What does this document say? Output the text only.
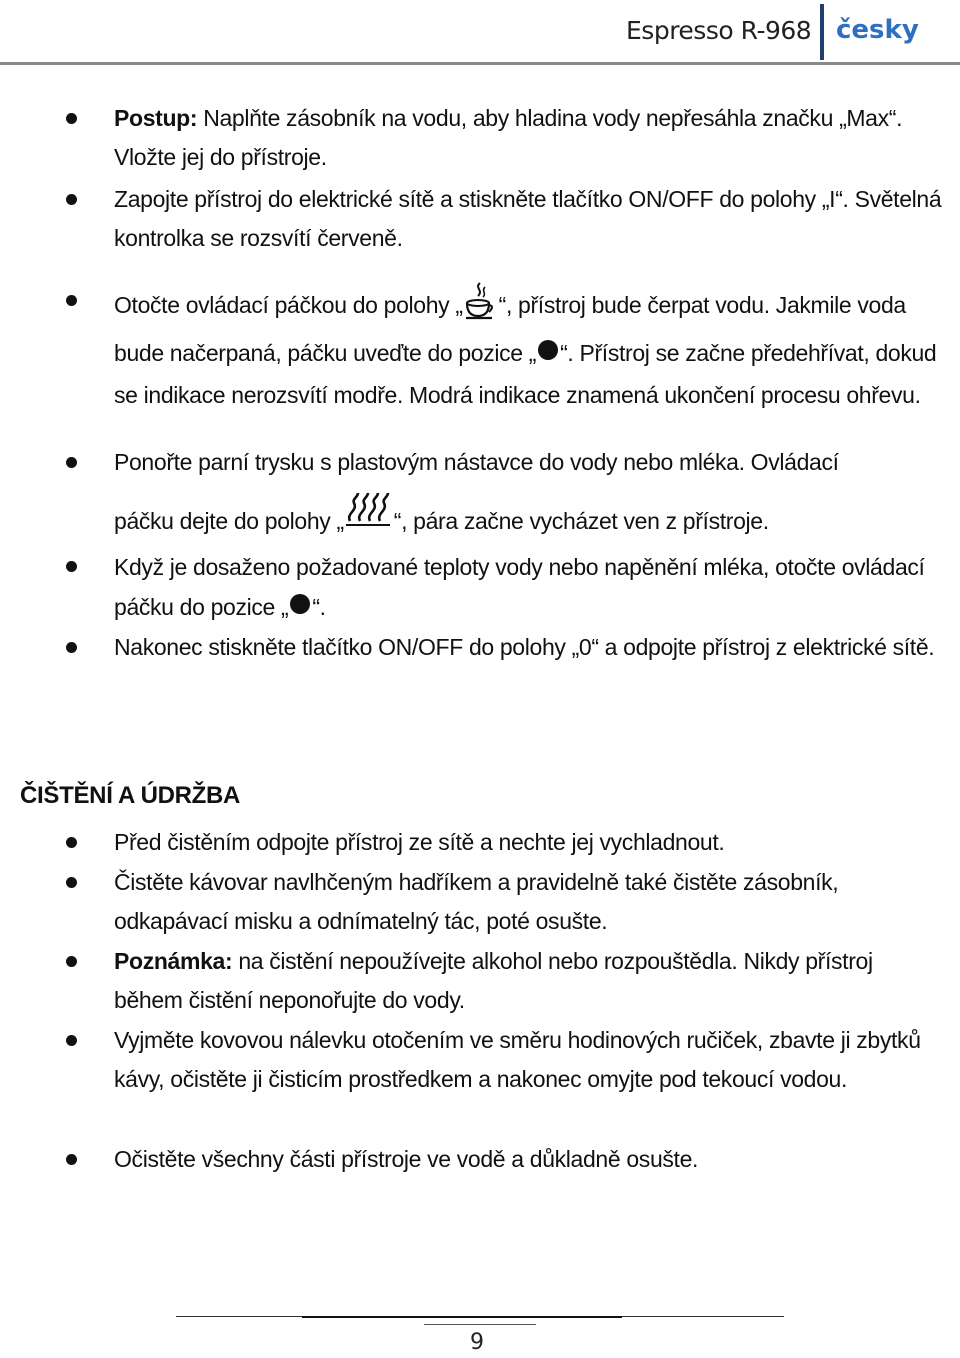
Espresso R-968 česky
Postup: Naplňte zásobník na vodu, aby hladina vody nepřesáhla značku „Max“. Vložte jej do přístroje.
Zapojte přístroj do elektrické sítě a stiskněte tlačítko ON/OFF do polohy „I“. Světelná kontrolka se rozsvítí červeně.
Otočte ovládací páčkou do polohy „ “, přístroj bude čerpat vodu. Jakmile voda bude načerpaná, páčku uveďte do pozice „ “. Přístroj se začne předehřívat, dokud se indikace nerozsvítí modře. Modrá indikace znamená ukončení procesu ohřevu.
Ponořte parní trysku s plastovým nástavce do vody nebo mléka. Ovládací
páčku dejte do polohy „ “, pára začne vycházet ven z přístroje.
Když je dosaženo požadované teploty vody nebo napěnění mléka, otočte ovládací páčku do pozice „ “.
Nakonec stiskněte tlačítko ON/OFF do polohy „0“ a odpojte přístroj z elektrické sítě.
ČIŠTĚNÍ A ÚDRŽBA
Před čistěním odpojte přístroj ze sítě a nechte jej vychladnout.
Čistěte kávovar navlhčeným hadříkem a pravidelně také čistěte zásobník, odkapávací misku a odnímatelný tác, poté osušte.
Poznámka: na čistění nepoužívejte alkohol nebo rozpouštědla. Nikdy přístroj během čistění neponořujte do vody.
Vyjměte kovovou nálevku otočením ve směru hodinových ručiček, zbavte ji zbytků kávy, očistěte ji čisticím prostředkem a nakonec omyjte pod tekoucí vodou.
Očistěte všechny části přístroje ve vodě a důkladně osušte.
9
